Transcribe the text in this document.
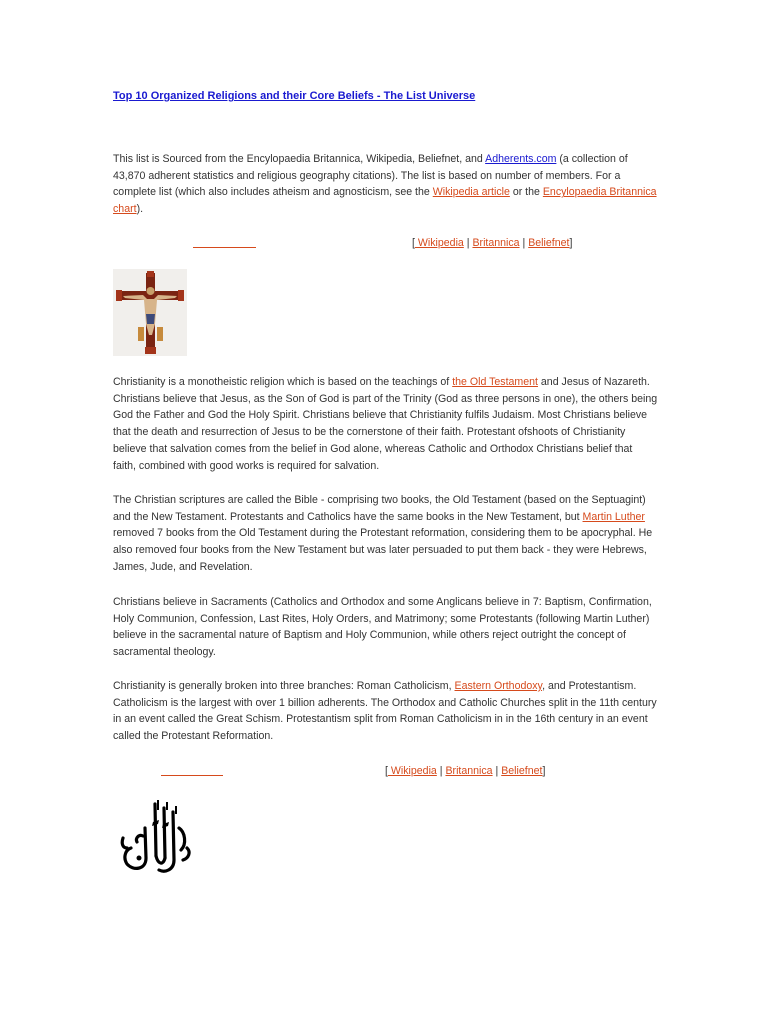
Top 10 Organized Religions and their Core Beliefs - The List Universe
This list is Sourced from the Encylopaedia Britannica, Wikipedia, Beliefnet, and Adherents.com (a collection of 43,870 adherent statistics and religious geography citations). The list is based on number of members. For a complete list (which also includes atheism and agnosticism, see the Wikipedia article or the Encylopaedia Britannica chart).
[ Wikipedia | Britannica | Beliefnet]
Christianity is a monotheistic religion which is based on the teachings of the Old Testament and Jesus of Nazareth. Christians believe that Jesus, as the Son of God is part of the Trinity (God as three persons in one), the others being God the Father and God the Holy Spirit. Christians believe that Christianity fulfils Judaism. Most Christians believe that the death and resurrection of Jesus to be the cornerstone of their faith. Protestant ofshoots of Christianity believe that salvation comes from the belief in God alone, whereas Catholic and Orthodox Christians belief that faith, combined with good works is required for salvation.
The Christian scriptures are called the Bible - comprising two books, the Old Testament (based on the Septuagint) and the New Testament. Protestants and Catholics have the same books in the New Testament, but Martin Luther removed 7 books from the Old Testament during the Protestant reformation, considering them to be apocryphal. He also removed four books from the New Testament but was later persuaded to put them back - they were Hebrews, James, Jude, and Revelation.
Christians believe in Sacraments (Catholics and Orthodox and some Anglicans believe in 7: Baptism, Confirmation, Holy Communion, Confession, Last Rites, Holy Orders, and Matrimony; some Protestants (following Martin Luther) believe in the sacramental nature of Baptism and Holy Communion, while others reject outright the concept of sacramental theology.
Christianity is generally broken into three branches: Roman Catholicism, Eastern Orthodoxy, and Protestantism. Catholicism is the largest with over 1 billion adherents. The Orthodox and Catholic Churches split in the 11th century in an event called the Great Schism. Protestantism split from Roman Catholicism in in the 16th century in an event called the Protestant Reformation.
[ Wikipedia | Britannica | Beliefnet]
